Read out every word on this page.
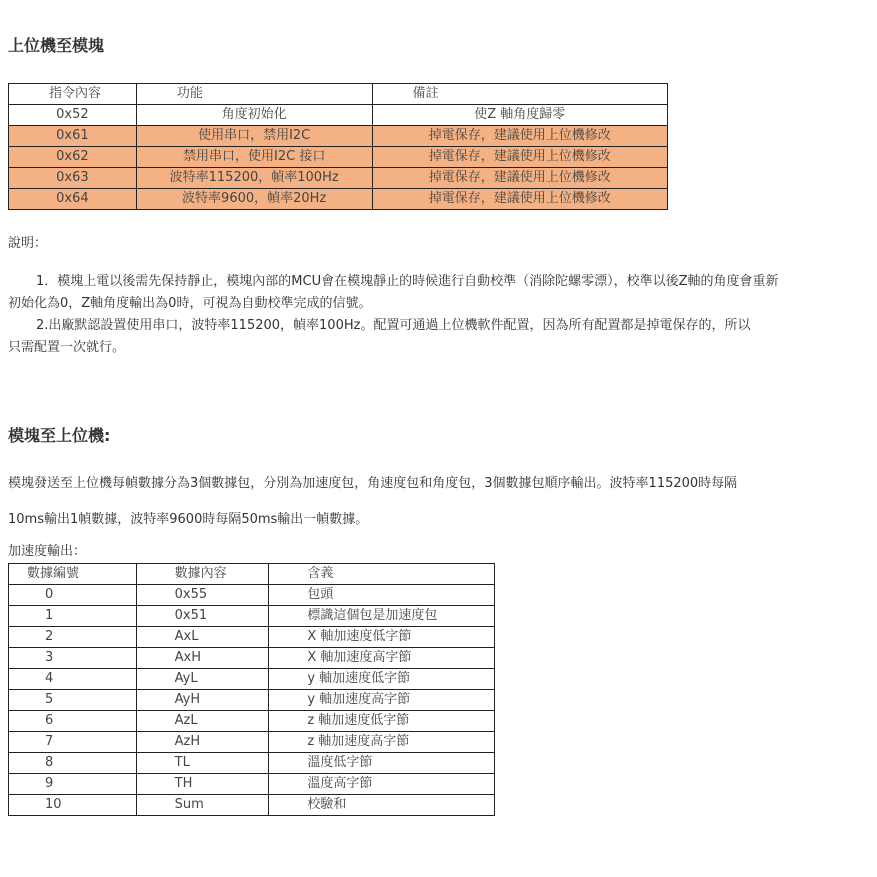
上位機至模塊
指令內容	功能	備註
0x52	角度初始化	使Z 軸角度歸零
0x61	使用串口，禁用I2C	掉電保存，建議使用上位機修改
0x62	禁用串口，使用I2C 接口	掉電保存，建議使用上位機修改
0x63	波特率115200，幀率100Hz	掉電保存，建議使用上位機修改
0x64	波特率9600，幀率20Hz	掉電保存，建議使用上位機修改
說明：
1．模塊上電以後需先保持靜止，模塊內部的MCU會在模塊靜止的時候進行自動校準（消除陀螺零漂），校準以後Z軸的角度會重新
初始化為0，Z軸角度輸出為0時，可視為自動校準完成的信號。
2.出廠默認設置使用串口，波特率115200，幀率100Hz。配置可通過上位機軟件配置，因為所有配置都是掉電保存的，所以
只需配置一次就行。
模塊至上位機:
模塊發送至上位機每幀數據分為3個數據包，分別為加速度包，角速度包和角度包，3個數據包順序輸出。波特率115200時每隔
10ms輸出1幀數據，波特率9600時每隔50ms輸出一幀數據。
加速度輸出：
數據編號	數據內容	含義
0	0x55	包頭
1	0x51	標識這個包是加速度包
2	AxL	X 軸加速度低字節
3	AxH	X 軸加速度高字節
4	AyL	y 軸加速度低字節
5	AyH	y 軸加速度高字節
6	AzL	z 軸加速度低字節
7	AzH	z 軸加速度高字節
8	TL	溫度低字節
9	TH	溫度高字節
10	Sum	校驗和
